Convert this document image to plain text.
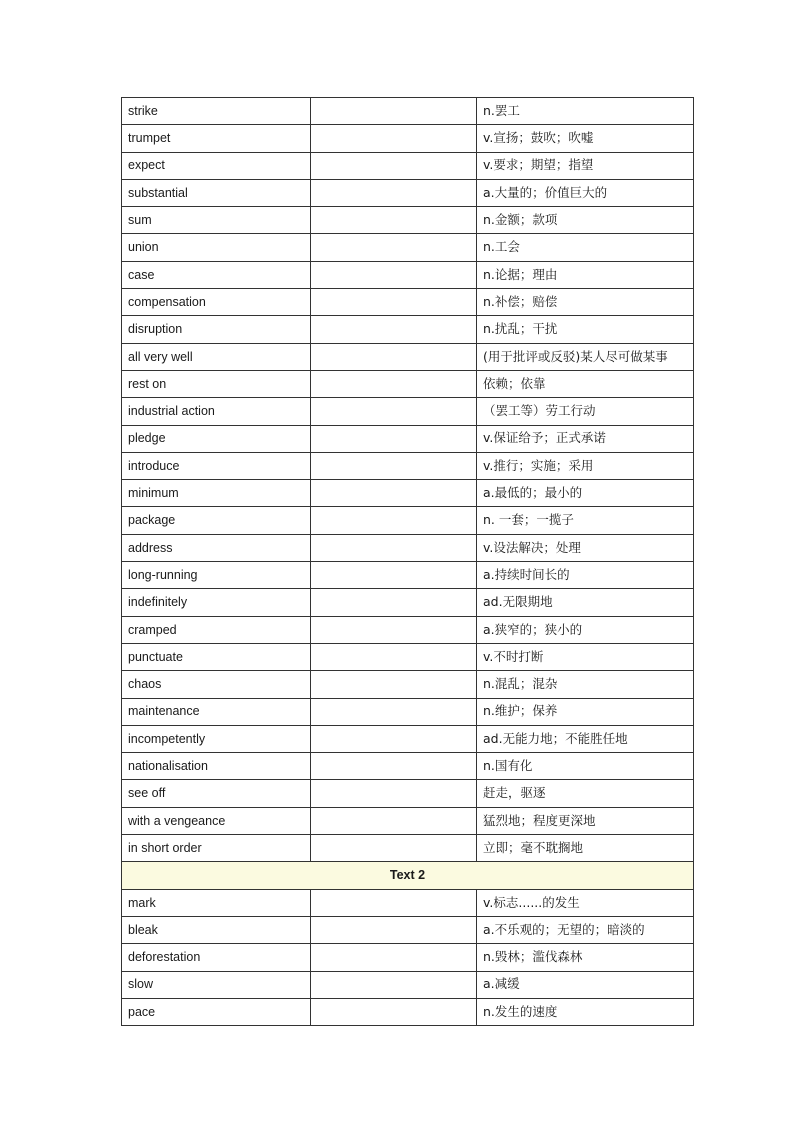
strike		n.罢工
trumpet		v.宣扬；鼓吹；吹嘘
expect		v.要求；期望；指望
substantial		a.大量的；价值巨大的
sum		n.金额；款项
union		n.工会
case		n.论据；理由
compensation		n.补偿；赔偿
disruption		n.扰乱；干扰
all very well		(用于批评或反驳)某人尽可做某事
rest on		依赖；依靠
industrial action		（罢工等）劳工行动
pledge		v.保证给予；正式承诺
introduce		v.推行；实施；采用
minimum		a.最低的；最小的
package		n. 一套；一揽子
address		v.设法解决；处理
long-running		a.持续时间长的
indefinitely		ad.无限期地
cramped		a.狭窄的；狭小的
punctuate		v.不时打断
chaos		n.混乱；混杂
maintenance		n.维护；保养
incompetently		ad.无能力地；不能胜任地
nationalisation		n.国有化
see off		赶走，驱逐
with a vengeance		猛烈地；程度更深地
in short order		立即；毫不耽搁地
Text 2		
mark		v.标志......的发生
bleak		a.不乐观的；无望的；暗淡的
deforestation		n.毁林；滥伐森林
slow		a.减缓
pace		n.发生的速度
